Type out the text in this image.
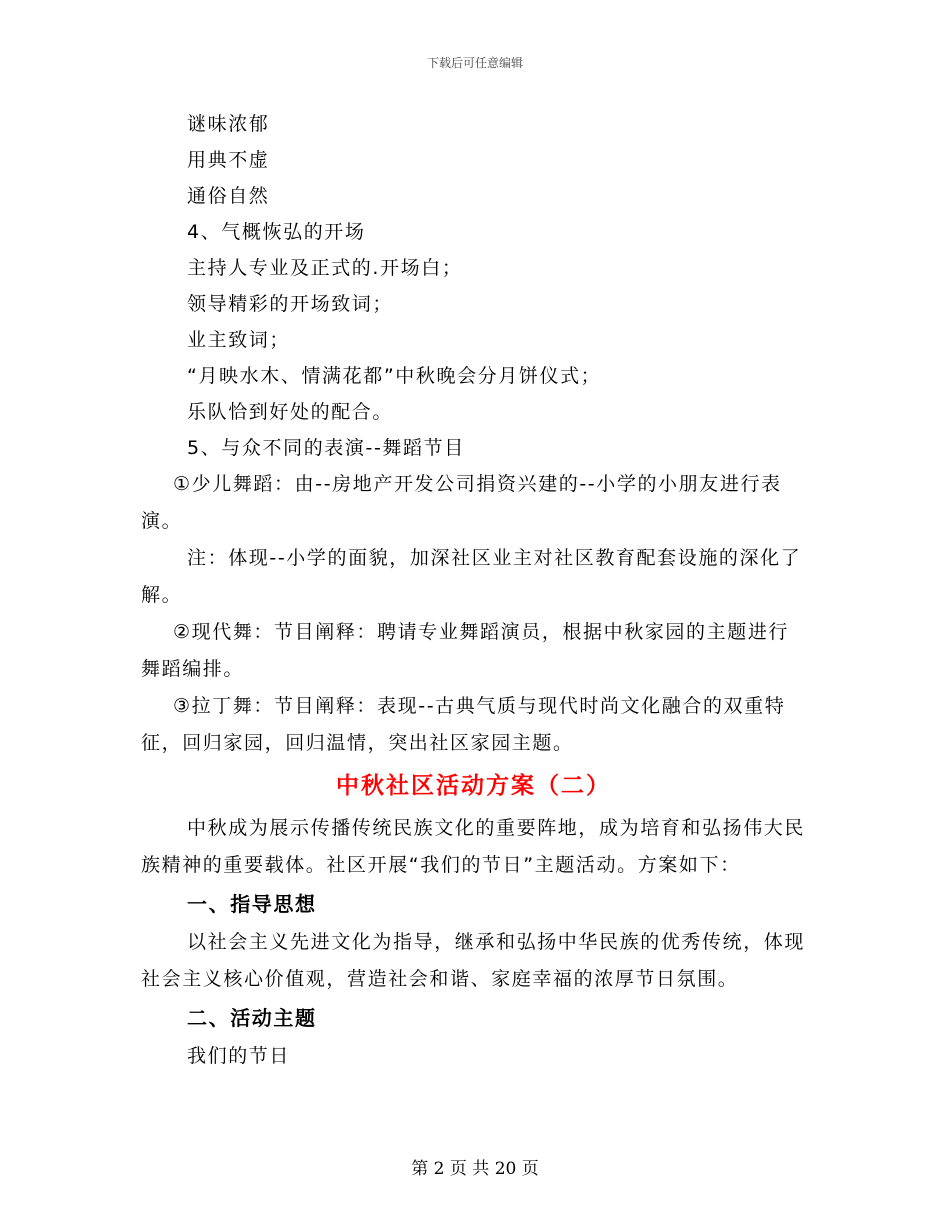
下载后可任意编辑
谜味浓郁
用典不虚
通俗自然
4、气概恢弘的开场
主持人专业及正式的.开场白；
领导精彩的开场致词；
业主致词；
“月映水木、情满花都”中秋晚会分月饼仪式；
乐队恰到好处的配合。
5、与众不同的表演--舞蹈节目
①少儿舞蹈：由--房地产开发公司捐资兴建的--小学的小朋友进行表演。
注：体现--小学的面貌，加深社区业主对社区教育配套设施的深化了解。
②现代舞：节目阐释：聘请专业舞蹈演员，根据中秋家园的主题进行舞蹈编排。
③拉丁舞：节目阐释：表现--古典气质与现代时尚文化融合的双重特征，回归家园，回归温情，突出社区家园主题。
中秋社区活动方案（二）
中秋成为展示传播传统民族文化的重要阵地，成为培育和弘扬伟大民族精神的重要载体。社区开展“我们的节日”主题活动。方案如下：
一、指导思想
以社会主义先进文化为指导，继承和弘扬中华民族的优秀传统，体现社会主义核心价值观，营造社会和谐、家庭幸福的浓厚节日氛围。
二、活动主题
我们的节日
第 2 页 共 20 页
